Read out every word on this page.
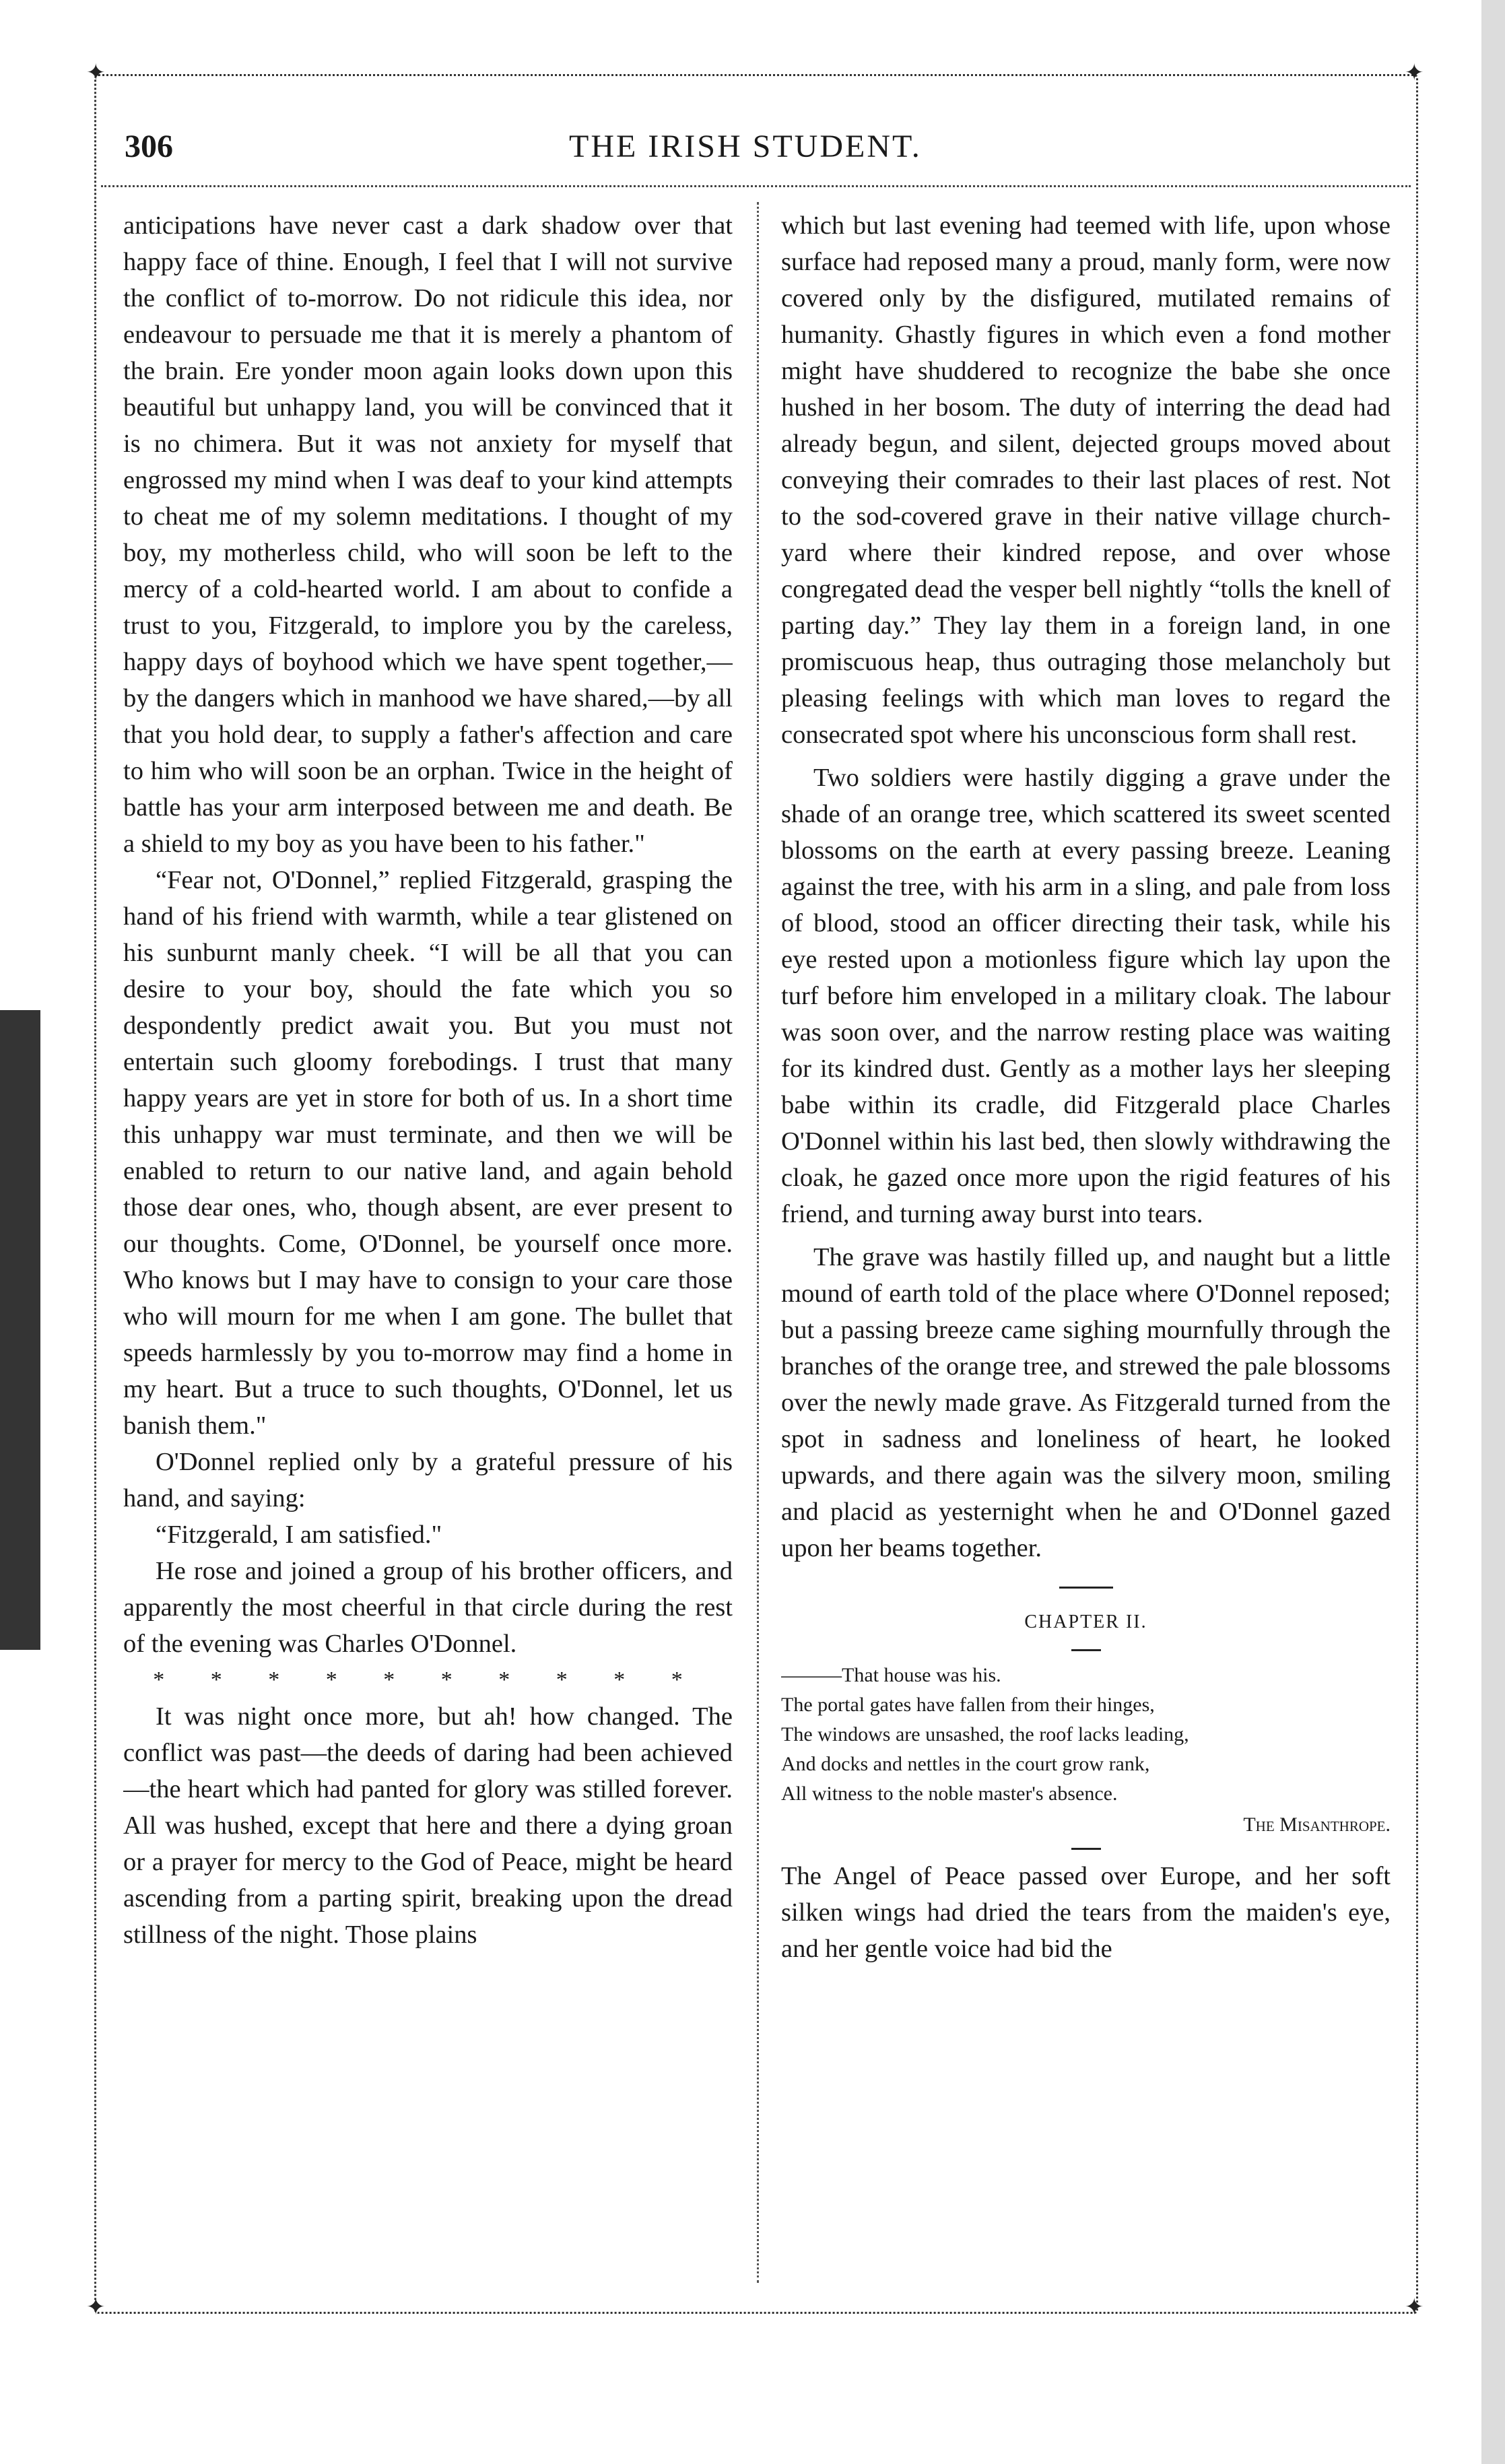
✦	✦
✦	✦
306	THE IRISH STUDENT.

anticipations have never cast a dark shadow over that happy face of thine. Enough, I feel that I will not survive the conflict of to-morrow. Do not ridicule this idea, nor endeavour to persuade me that it is merely a phantom of the brain. Ere yonder moon again looks down upon this beautiful but unhappy land, you will be convinced that it is no chimera. But it was not anxiety for myself that engrossed my mind when I was deaf to your kind attempts to cheat me of my solemn meditations. I thought of my boy, my motherless child, who will soon be left to the mercy of a cold-hearted world. I am about to confide a trust to you, Fitzgerald, to implore you by the careless, happy days of boyhood which we have spent together,—by the dangers which in manhood we have shared,—by all that you hold dear, to supply a father's affection and care to him who will soon be an orphan. Twice in the height of battle has your arm interposed between me and death. Be a shield to my boy as you have been to his father."

“Fear not, O'Donnel,” replied Fitzgerald, grasping the hand of his friend with warmth, while a tear glistened on his sunburnt manly cheek. “I will be all that you can desire to your boy, should the fate which you so despondently predict await you. But you must not entertain such gloomy forebodings. I trust that many happy years are yet in store for both of us. In a short time this unhappy war must terminate, and then we will be enabled to return to our native land, and again behold those dear ones, who, though absent, are ever present to our thoughts. Come, O'Donnel, be yourself once more. Who knows but I may have to consign to your care those who will mourn for me when I am gone. The bullet that speeds harmlessly by you to-morrow may find a home in my heart. But a truce to such thoughts, O'Donnel, let us banish them."

O'Donnel replied only by a grateful pressure of his hand, and saying:

“Fitzgerald, I am satisfied."

He rose and joined a group of his brother officers, and apparently the most cheerful in that circle during the rest of the evening was Charles O'Donnel.

* * * * * * * * * *

It was night once more, but ah! how changed. The conflict was past—the deeds of daring had been achieved—the heart which had panted for glory was stilled forever. All was hushed, except that here and there a dying groan or a prayer for mercy to the God of Peace, might be heard ascending from a parting spirit, breaking upon the dread stillness of the night. Those plains

which but last evening had teemed with life, upon whose surface had reposed many a proud, manly form, were now covered only by the disfigured, mutilated remains of humanity. Ghastly figures in which even a fond mother might have shuddered to recognize the babe she once hushed in her bosom. The duty of interring the dead had already begun, and silent, dejected groups moved about conveying their comrades to their last places of rest. Not to the sod-covered grave in their native village church-yard where their kindred repose, and over whose congregated dead the vesper bell nightly “tolls the knell of parting day.” They lay them in a foreign land, in one promiscuous heap, thus outraging those melancholy but pleasing feelings with which man loves to regard the consecrated spot where his unconscious form shall rest.

Two soldiers were hastily digging a grave under the shade of an orange tree, which scattered its sweet scented blossoms on the earth at every passing breeze. Leaning against the tree, with his arm in a sling, and pale from loss of blood, stood an officer directing their task, while his eye rested upon a motionless figure which lay upon the turf before him enveloped in a military cloak. The labour was soon over, and the narrow resting place was waiting for its kindred dust. Gently as a mother lays her sleeping babe within its cradle, did Fitzgerald place Charles O'Donnel within his last bed, then slowly withdrawing the cloak, he gazed once more upon the rigid features of his friend, and turning away burst into tears.

The grave was hastily filled up, and naught but a little mound of earth told of the place where O'Donnel reposed; but a passing breeze came sighing mournfully through the branches of the orange tree, and strewed the pale blossoms over the newly made grave. As Fitzgerald turned from the spot in sadness and loneliness of heart, he looked upwards, and there again was the silvery moon, smiling and placid as yesternight when he and O'Donnel gazed upon her beams together.

CHAPTER II.

———That house was his.

The portal gates have fallen from their hinges,

The windows are unsashed, the roof lacks leading,

And docks and nettles in the court grow rank,

All witness to the noble master's absence.

The Misanthrope.

The Angel of Peace passed over Europe, and her soft silken wings had dried the tears from the maiden's eye, and her gentle voice had bid the
